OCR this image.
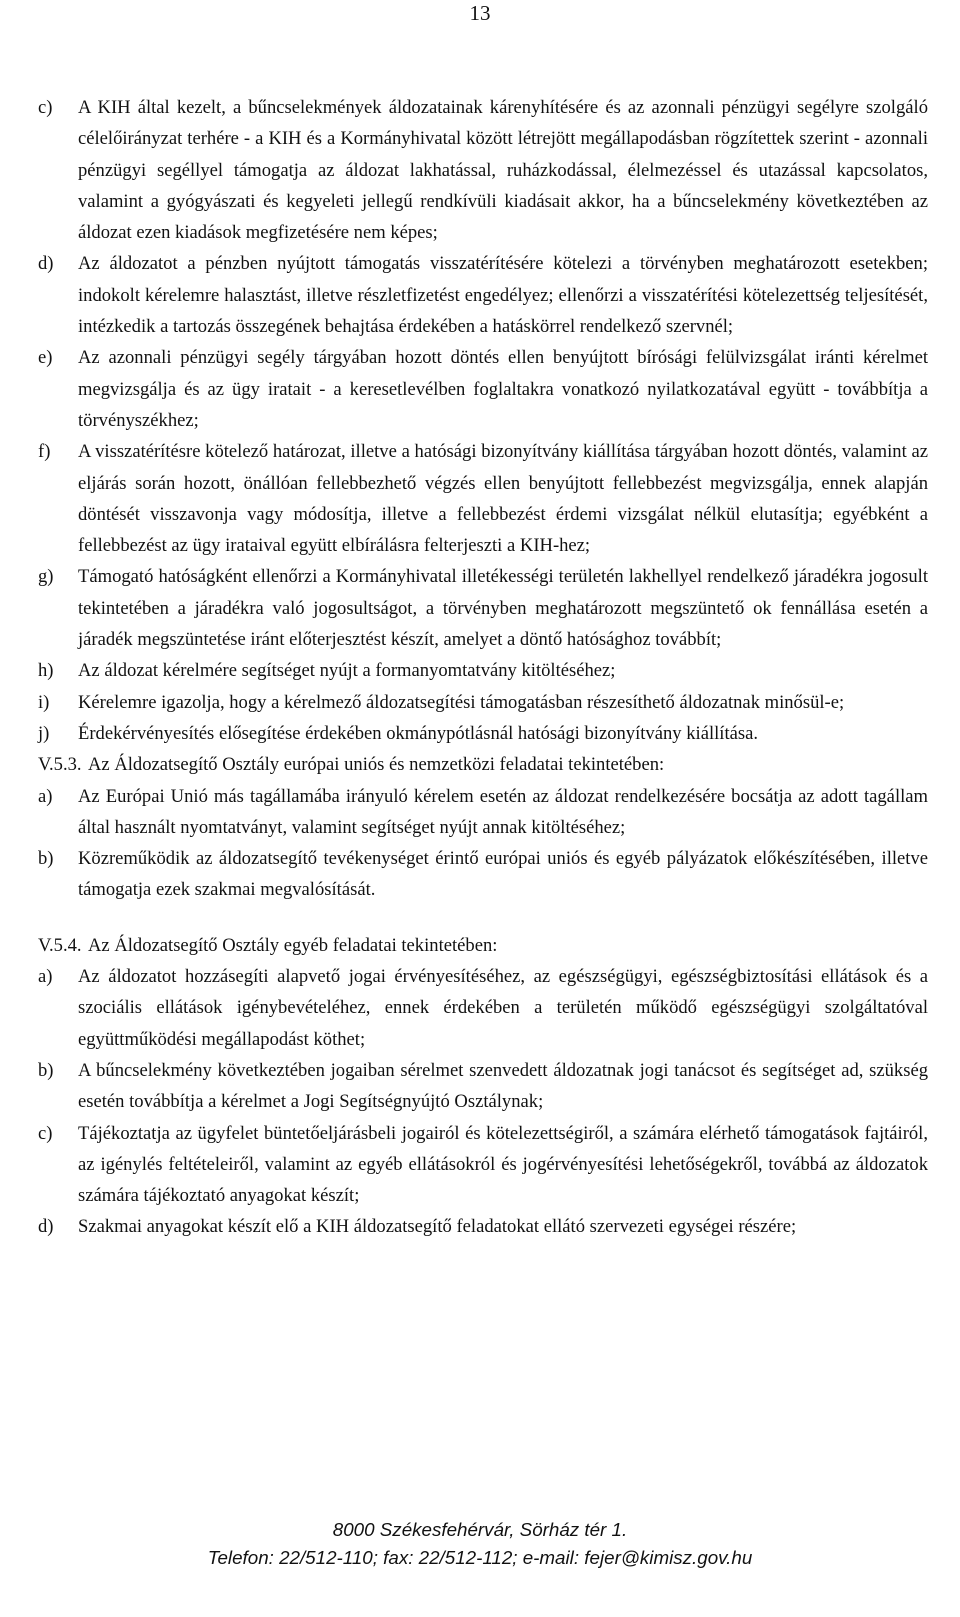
13
c)	A KIH által kezelt, a bűncselekmények áldozatainak kárenyhítésére és az azonnali pénzügyi segélyre szolgáló célelőirányzat terhére - a KIH és a Kormányhivatal között létrejött megállapodásban rögzítettek szerint - azonnali pénzügyi segéllyel támogatja az áldozat lakhatással, ruházkodással, élelmezéssel és utazással kapcsolatos, valamint a gyógyászati és kegyeleti jellegű rendkívüli kiadásait akkor, ha a bűncselekmény következtében az áldozat ezen kiadások megfizetésére nem képes;
d)	Az áldozatot a pénzben nyújtott támogatás visszatérítésére kötelezi a törvényben meghatározott esetekben; indokolt kérelemre halasztást, illetve részletfizetést engedélyez; ellenőrzi a visszatérítési kötelezettség teljesítését, intézkedik a tartozás összegének behajtása érdekében a hatáskörrel rendelkező szervnél;
e)	Az azonnali pénzügyi segély tárgyában hozott döntés ellen benyújtott bírósági felülvizsgálat iránti kérelmet megvizsgálja és az ügy iratait - a keresetlevélben foglaltakra vonatkozó nyilatkozatával együtt - továbbítja a törvényszékhez;
f)	A visszatérítésre kötelező határozat, illetve a hatósági bizonyítvány kiállítása tárgyában hozott döntés, valamint az eljárás során hozott, önállóan fellebbezhető végzés ellen benyújtott fellebbezést megvizsgálja, ennek alapján döntését visszavonja vagy módosítja, illetve a fellebbezést érdemi vizsgálat nélkül elutasítja; egyébként a fellebbezést az ügy irataival együtt elbírálásra felterjeszti a KIH-hez;
g)	Támogató hatóságként ellenőrzi a Kormányhivatal illetékességi területén lakhellyel rendelkező járadékra jogosult tekintetében a járadékra való jogosultságot, a törvényben meghatározott megszüntető ok fennállása esetén a járadék megszüntetése iránt előterjesztést készít, amelyet a döntő hatósághoz továbbít;
h)	Az áldozat kérelmére segítséget nyújt a formanyomtatvány kitöltéséhez;
i)	Kérelemre igazolja, hogy a kérelmező áldozatsegítési támogatásban részesíthető áldozatnak minősül-e;
j)	Érdekérvényesítés elősegítése érdekében okmánypótlásnál hatósági bizonyítvány kiállítása.
V.5.3. Az Áldozatsegítő Osztály európai uniós és nemzetközi feladatai tekintetében:
a)	Az Európai Unió más tagállamába irányuló kérelem esetén az áldozat rendelkezésére bocsátja az adott tagállam által használt nyomtatványt, valamint segítséget nyújt annak kitöltéséhez;
b)	Közreműködik az áldozatsegítő tevékenységet érintő európai uniós és egyéb pályázatok előkészítésében, illetve támogatja ezek szakmai megvalósítását.
V.5.4. Az Áldozatsegítő Osztály egyéb feladatai tekintetében:
a)	Az áldozatot hozzásegíti alapvető jogai érvényesítéséhez, az egészségügyi, egészségbiztosítási ellátások és a szociális ellátások igénybevételéhez, ennek érdekében a területén működő egészségügyi szolgáltatóval együttműködési megállapodást köthet;
b)	A bűncselekmény következtében jogaiban sérelmet szenvedett áldozatnak jogi tanácsot és segítséget ad, szükség esetén továbbítja a kérelmet a Jogi Segítségnyújtó Osztálynak;
c)	Tájékoztatja az ügyfelet büntetőeljárásbeli jogairól és kötelezettségiről, a számára elérhető támogatások fajtáiról, az igénylés feltételeiről, valamint az egyéb ellátásokról és jogérvényesítési lehetőségekről, továbbá az áldozatok számára tájékoztató anyagokat készít;
d)	Szakmai anyagokat készít elő a KIH áldozatsegítő feladatokat ellátó szervezeti egységei részére;
8000 Székesfehérvár, Sörház tér 1.
Telefon: 22/512-110; fax: 22/512-112; e-mail: fejer@kimisz.gov.hu
